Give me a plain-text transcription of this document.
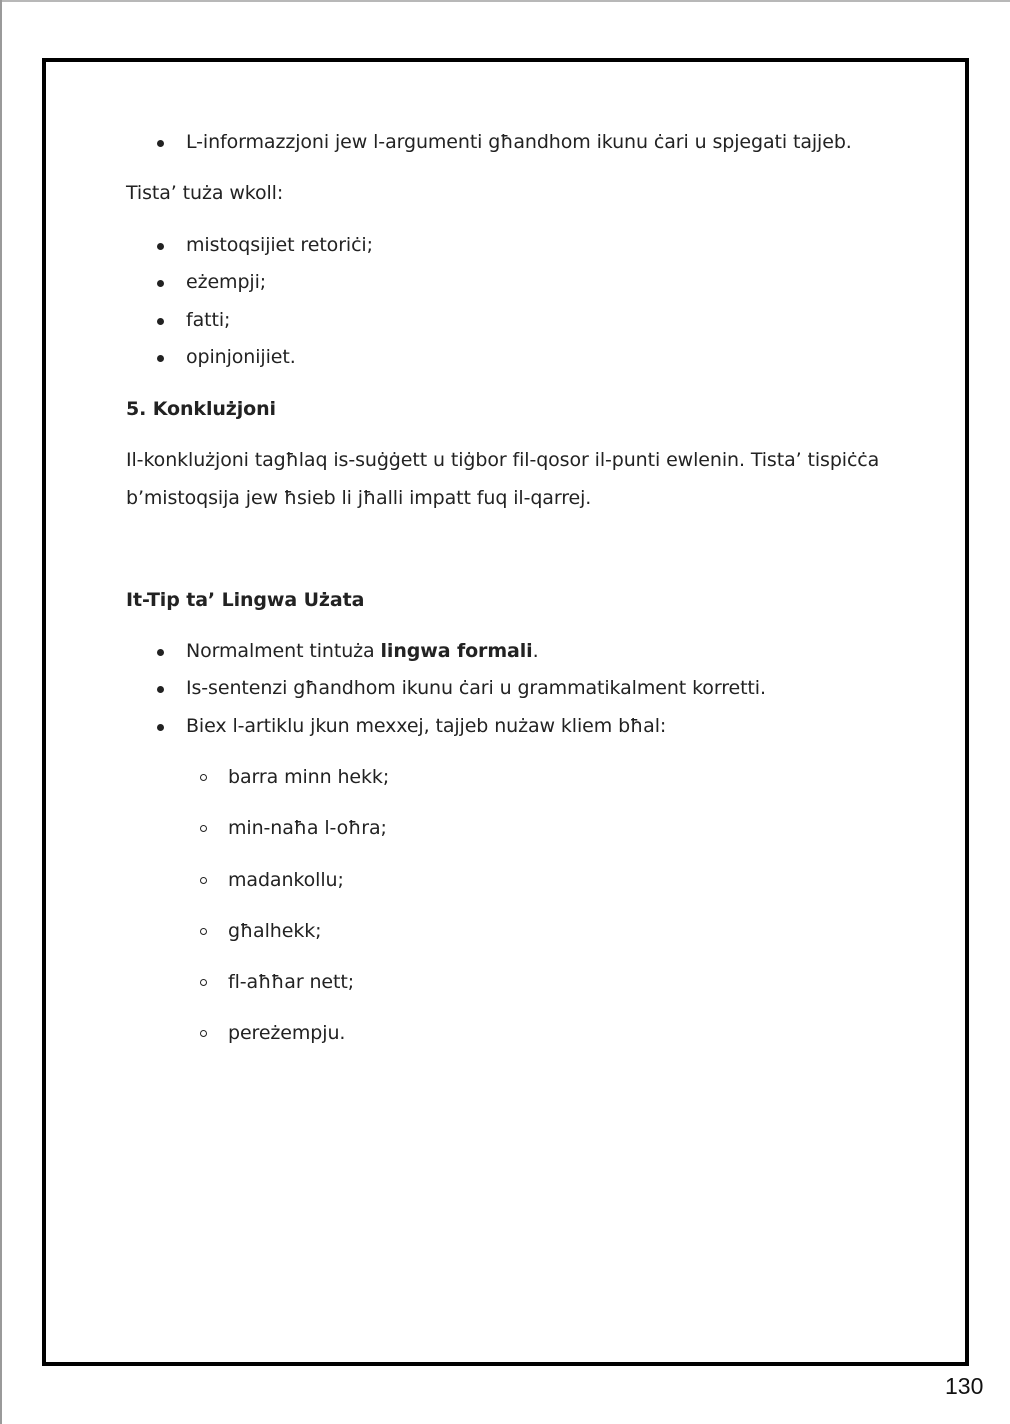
L-informazzjoni jew l-argumenti għandhom ikunu ċari u spjegati tajjeb.
Tista’ tuża wkoll:
mistoqsijiet retoriċi;
eżempji;
fatti;
opinjonijiet.
5. Konklużjoni
Il-konklużjoni tagħlaq is-suġġett u tiġbor fil-qosor il-punti ewlenin. Tista’ tispiċċa
b’mistoqsija jew ħsieb li jħalli impatt fuq il-qarrej.
It-Tip ta’ Lingwa Użata
Normalment tintuża lingwa formali.
Is-sentenzi għandhom ikunu ċari u grammatikalment korretti.
Biex l-artiklu jkun mexxej, tajjeb nużaw kliem bħal:
barra minn hekk;
min-naħa l-oħra;
madankollu;
għalhekk;
fl-aħħar nett;
pereżempju.
130
